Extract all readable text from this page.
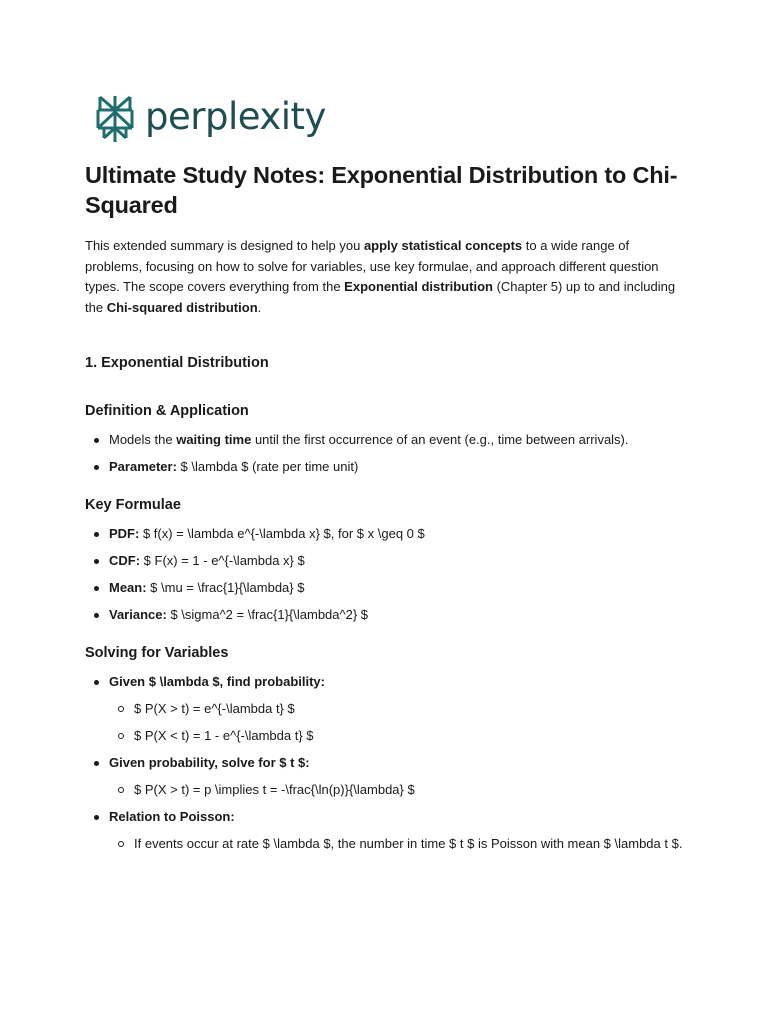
perplexity
Ultimate Study Notes: Exponential Distribution to Chi-Squared

This extended summary is designed to help you apply statistical concepts to a wide range of problems, focusing on how to solve for variables, use key formulae, and approach different question types. The scope covers everything from the Exponential distribution (Chapter 5) up to and including the Chi-squared distribution.

1. Exponential Distribution
Definition & Application
Models the waiting time until the first occurrence of an event (e.g., time between arrivals).
Parameter: $ \lambda $ (rate per time unit)
Key Formulae
PDF: $ f(x) = \lambda e^{-\lambda x} $, for $ x \geq 0 $
CDF: $ F(x) = 1 - e^{-\lambda x} $
Mean: $ \mu = \frac{1}{\lambda} $
Variance: $ \sigma^2 = \frac{1}{\lambda^2} $
Solving for Variables
Given $ \lambda $, find probability:
$ P(X > t) = e^{-\lambda t} $
$ P(X < t) = 1 - e^{-\lambda t} $
Given probability, solve for $ t $:
$ P(X > t) = p \implies t = -\frac{\ln(p)}{\lambda} $
Relation to Poisson:
If events occur at rate $ \lambda $, the number in time $ t $ is Poisson with mean $ \lambda t $.
